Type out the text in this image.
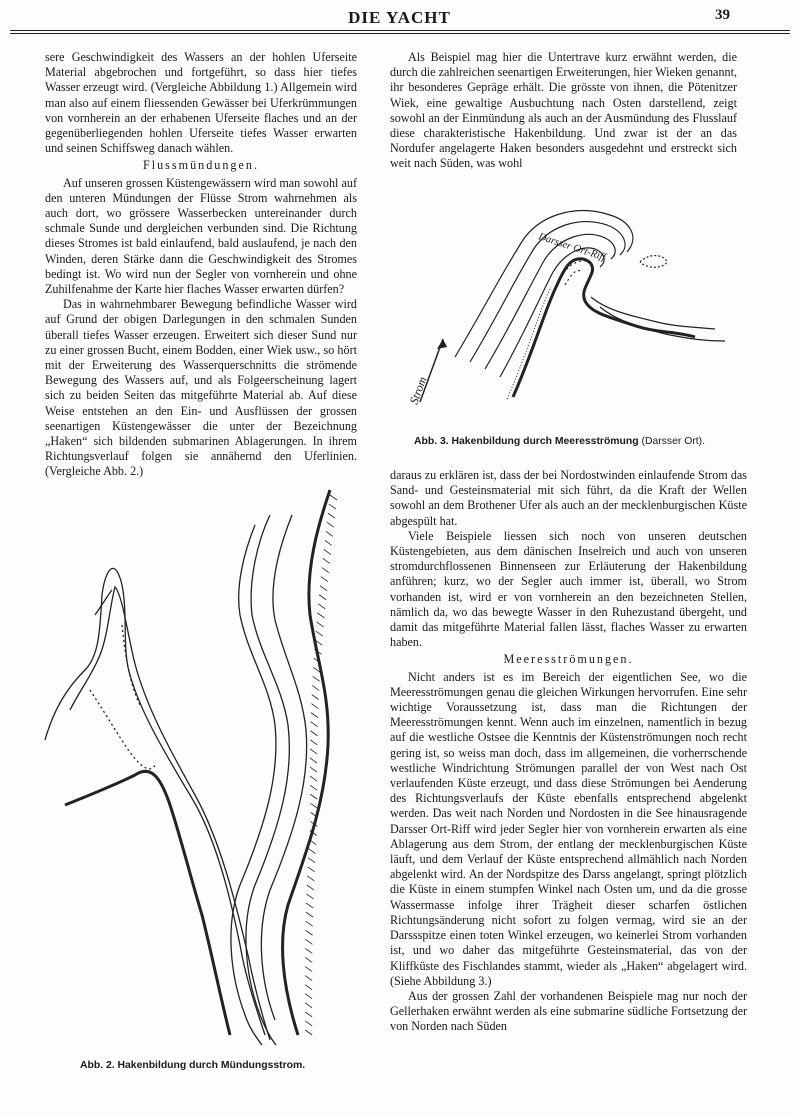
DIE YACHT	39

sere Geschwindigkeit des Wassers an der hohlen Uferseite Material abgebrochen und fortgeführt, so dass hier tiefes Wasser erzeugt wird. (Vergleiche Abbildung 1.) Allgemein wird man also auf einem fliessenden Gewässer bei Uferkrümmungen von vornherein an der erhabenen Uferseite flaches und an der gegenüberliegenden hohlen Uferseite tiefes Wasser erwarten und seinen Schiffsweg danach wählen.

Flussmündungen.

Auf unseren grossen Küstengewässern wird man sowohl auf den unteren Mündungen der Flüsse Strom wahrnehmen als auch dort, wo grössere Wasserbecken untereinander durch schmale Sunde und dergleichen verbunden sind. Die Richtung dieses Stromes ist bald einlaufend, bald auslaufend, je nach den Winden, deren Stärke dann die Geschwindigkeit des Stromes bedingt ist. Wo wird nun der Segler von vornherein und ohne Zuhilfenahme der Karte hier flaches Wasser erwarten dürfen?

Das in wahrnehmbarer Bewegung befindliche Wasser wird auf Grund der obigen Darlegungen in den schmalen Sunden überall tiefes Wasser erzeugen. Erweitert sich dieser Sund nur zu einer grossen Bucht, einem Bodden, einer Wiek usw., so hört mit der Erweiterung des Wasserquerschnitts die strömende Bewegung des Wassers auf, und als Folgeerscheinung lagert sich zu beiden Seiten das mitgeführte Material ab. Auf diese Weise entstehen an den Ein- und Ausflüssen der grossen seenartigen Küstengewässer die unter der Bezeichnung „Haken“ sich bildenden submarinen Ablagerungen. In ihrem Richtungsverlauf folgen sie annähernd den Uferlinien. (Vergleiche Abb. 2.)

Als Beispiel mag hier die Untertrave kurz erwähnt werden, die durch die zahlreichen seenartigen Erweiterungen, hier Wieken genannt, ihr besonderes Gepräge erhält. Die grösste von ihnen, die Pötenitzer Wiek, eine gewaltige Ausbuchtung nach Osten darstellend, zeigt sowohl an der Einmündung als auch an der Ausmündung des Flusslauf diese charakteristische Hakenbildung. Und zwar ist der an das Nordufer angelagerte Haken besonders ausgedehnt und erstreckt sich weit nach Süden, was wohl

Strom
Darsser Ort-Riff
Abb. 3. Hakenbildung durch Meeresströmung (Darsser Ort).

daraus zu erklären ist, dass der bei Nordostwinden einlaufende Strom das Sand- und Gesteinsmaterial mit sich führt, da die Kraft der Wellen sowohl an dem Brothener Ufer als auch an der mecklenburgischen Küste abgespült hat.

Viele Beispiele liessen sich noch von unseren deutschen Küstengebieten, aus dem dänischen Inselreich und auch von unseren stromdurchflossenen Binnenseen zur Erläuterung der Hakenbildung anführen; kurz, wo der Segler auch immer ist, überall, wo Strom vorhanden ist, wird er von vornherein an den bezeichneten Stellen, nämlich da, wo das bewegte Wasser in den Ruhezustand übergeht, und damit das mitgeführte Material fallen lässt, flaches Wasser zu erwarten haben.

Meeresströmungen.

Nicht anders ist es im Bereich der eigentlichen See, wo die Meeresströmungen genau die gleichen Wirkungen hervorrufen. Eine sehr wichtige Voraussetzung ist, dass man die Richtungen der Meeresströmungen kennt. Wenn auch im einzelnen, namentlich in bezug auf die westliche Ostsee die Kenntnis der Küstenströmungen noch recht gering ist, so weiss man doch, dass im allgemeinen, die vorherrschende westliche Windrichtung Strömungen parallel der von West nach Ost verlaufenden Küste erzeugt, und dass diese Strömungen bei Aenderung des Richtungsverlaufs der Küste ebenfalls entsprechend abgelenkt werden. Das weit nach Norden und Nordosten in die See hinausragende Darsser Ort-Riff wird jeder Segler hier von vornherein erwarten als eine Ablagerung aus dem Strom, der entlang der mecklenburgischen Küste läuft, und dem Verlauf der Küste entsprechend allmählich nach Norden abgelenkt wird. An der Nordspitze des Darss angelangt, springt plötzlich die Küste in einem stumpfen Winkel nach Osten um, und da die grosse Wassermasse infolge ihrer Trägheit dieser scharfen östlichen Richtungsänderung nicht sofort zu folgen vermag, wird sie an der Darssspitze einen toten Winkel erzeugen, wo keinerlei Strom vorhanden ist, und wo daher das mitgeführte Gesteinsmaterial, das von der Kliffküste des Fischlandes stammt, wieder als „Haken“ abgelagert wird. (Siehe Abbildung 3.)

Aus der grossen Zahl der vorhandenen Beispiele mag nur noch der Gellerhaken erwähnt werden als eine submarine südliche Fortsetzung der von Norden nach Süden

Abb. 2. Hakenbildung durch Mündungsstrom.
